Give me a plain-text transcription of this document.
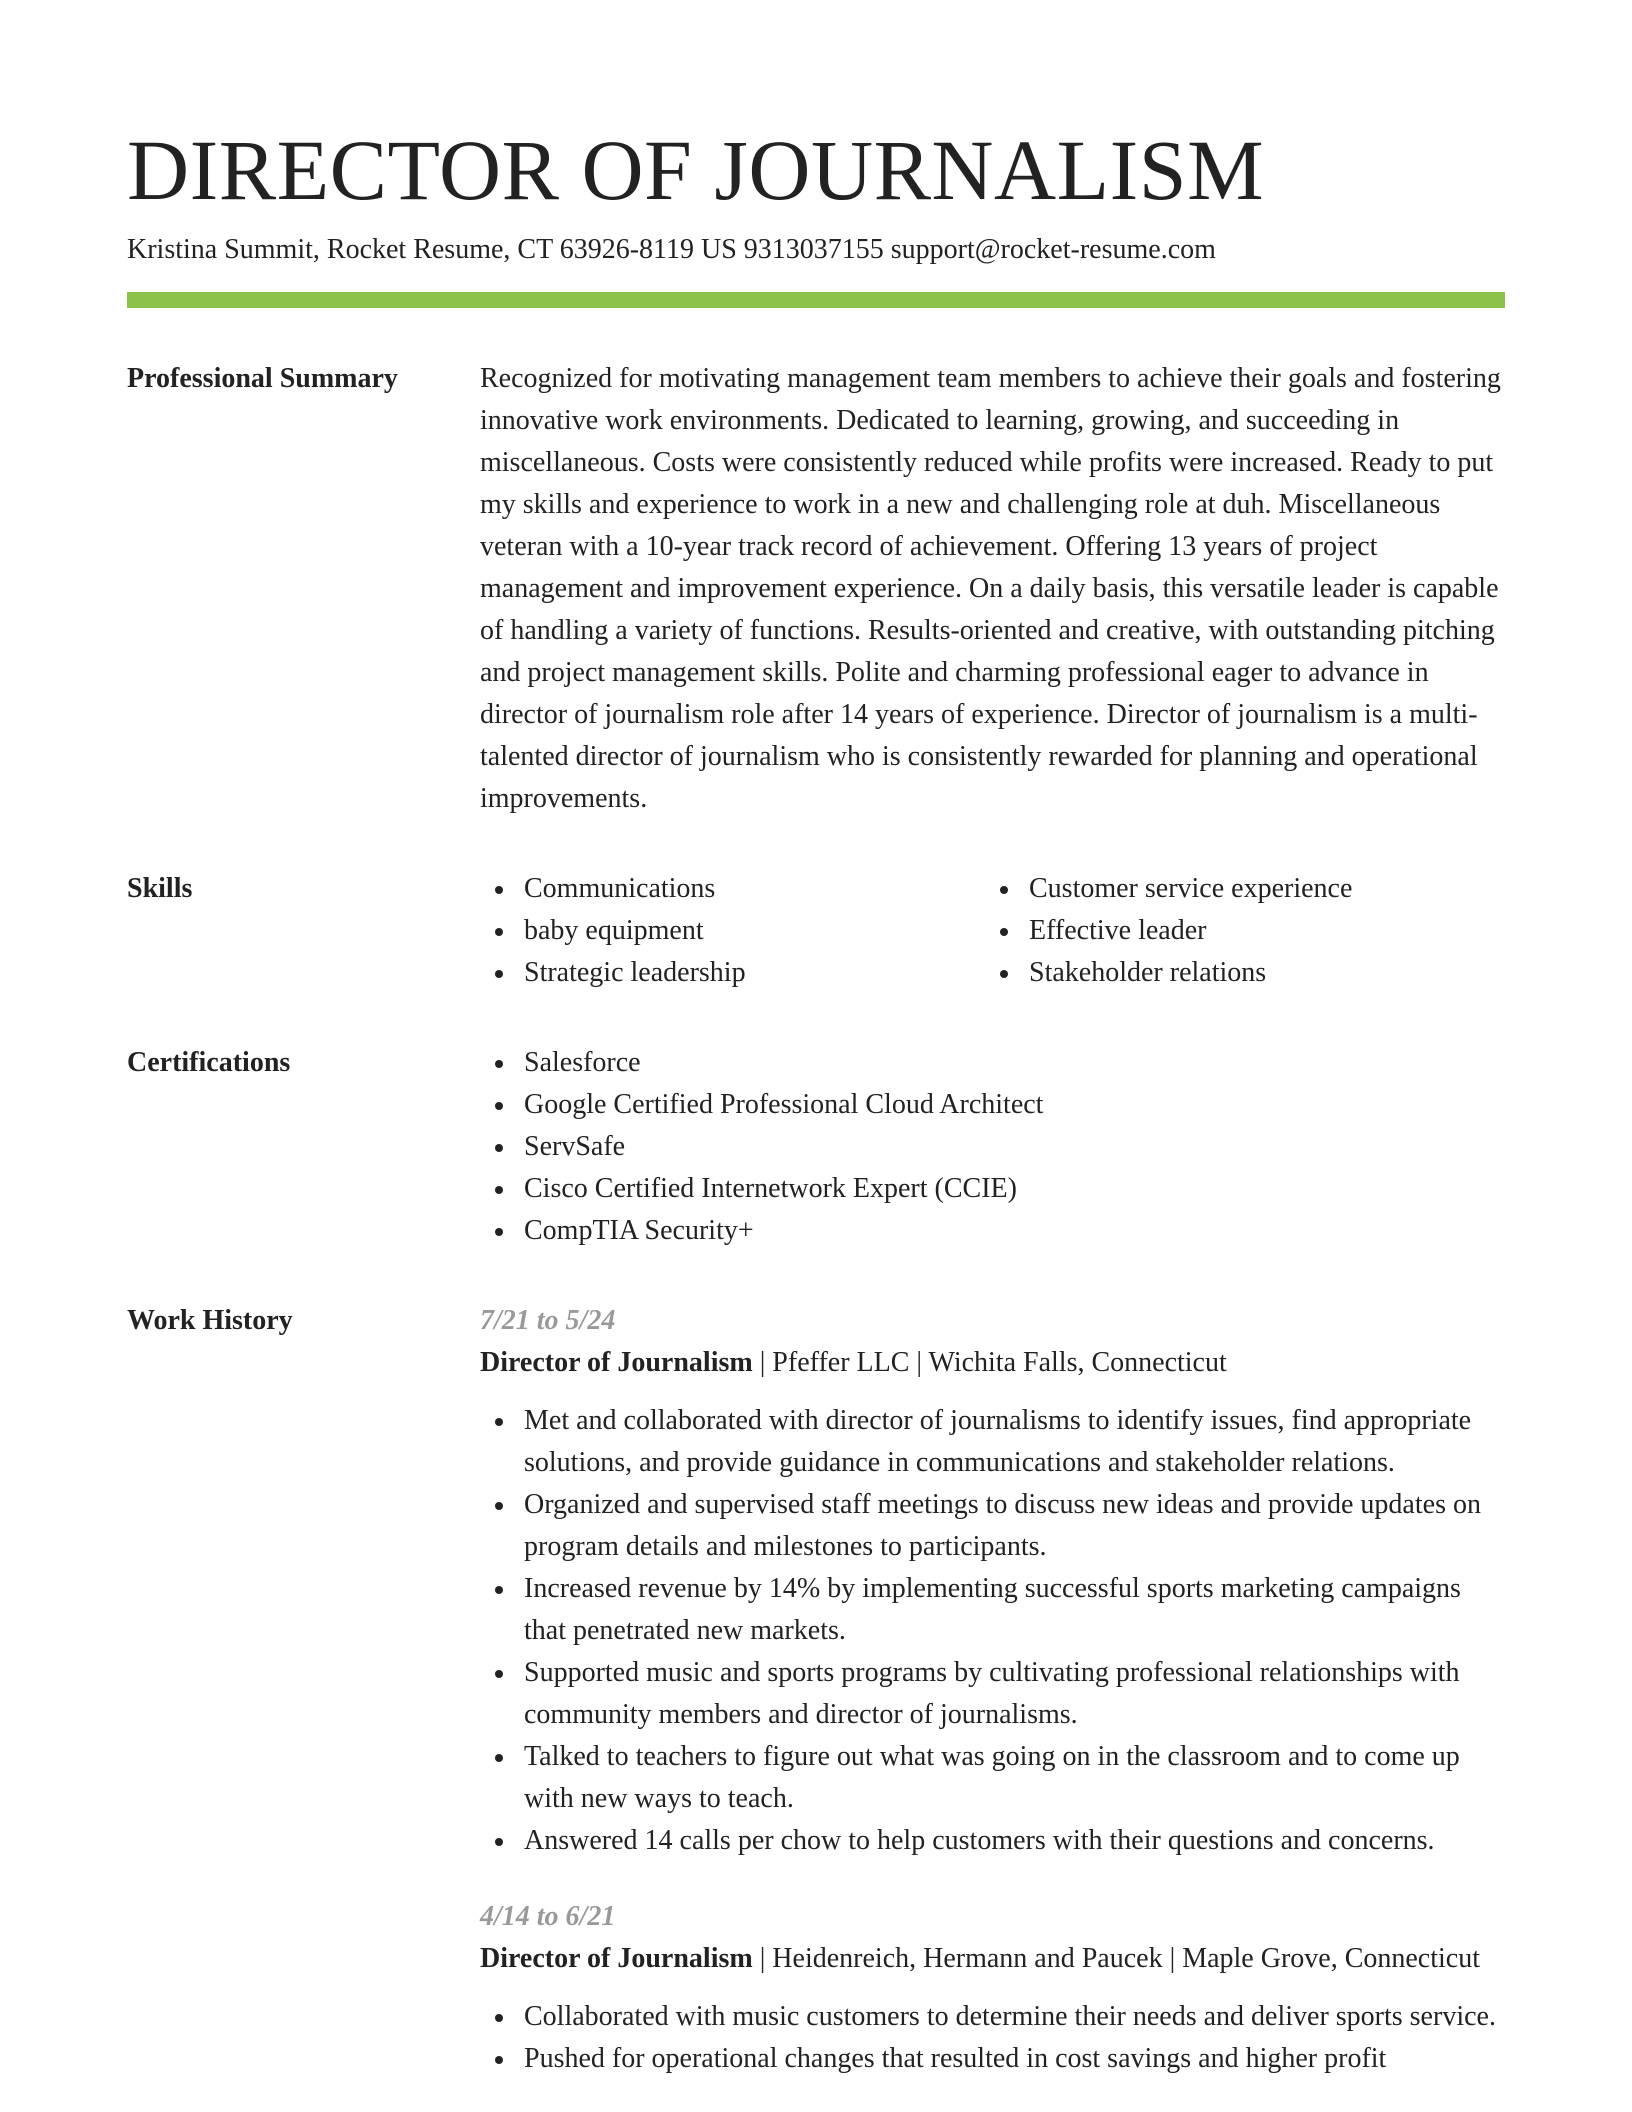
DIRECTOR OF JOURNALISM
Kristina Summit, Rocket Resume, CT 63926-8119 US 9313037155 support@rocket-resume.com
Professional Summary	Recognized for motivating management team members to achieve their goals and fostering innovative work environments. Dedicated to learning, growing, and succeeding in miscellaneous. Costs were consistently reduced while profits were increased. Ready to put my skills and experience to work in a new and challenging role at duh. Miscellaneous veteran with a 10-year track record of achievement. Offering 13 years of project management and improvement experience. On a daily basis, this versatile leader is capable of handling a variety of functions. Results-oriented and creative, with outstanding pitching and project management skills. Polite and charming professional eager to advance in director of journalism role after 14 years of experience. Director of journalism is a multi-talented director of journalism who is consistently rewarded for planning and operational improvements.

Skills	Communications
baby equipment
Strategic leadership
Customer service experience
Effective leader
Stakeholder relations
Certifications	Salesforce
Google Certified Professional Cloud Architect
ServSafe
Cisco Certified Internetwork Expert (CCIE)
CompTIA Security+
Work History	7/21 to 5/24
Director of Journalism | Pfeffer LLC | Wichita Falls, Connecticut
Met and collaborated with director of journalisms to identify issues, find appropriate solutions, and provide guidance in communications and stakeholder relations.
Organized and supervised staff meetings to discuss new ideas and provide updates on program details and milestones to participants.
Increased revenue by 14% by implementing successful sports marketing campaigns that penetrated new markets.
Supported music and sports programs by cultivating professional relationships with community members and director of journalisms.
Talked to teachers to figure out what was going on in the classroom and to come up with new ways to teach.
Answered 14 calls per chow to help customers with their questions and concerns.
4/14 to 6/21
Director of Journalism | Heidenreich, Hermann and Paucek | Maple Grove, Connecticut
Collaborated with music customers to determine their needs and deliver sports service.
Pushed for operational changes that resulted in cost savings and higher profit
